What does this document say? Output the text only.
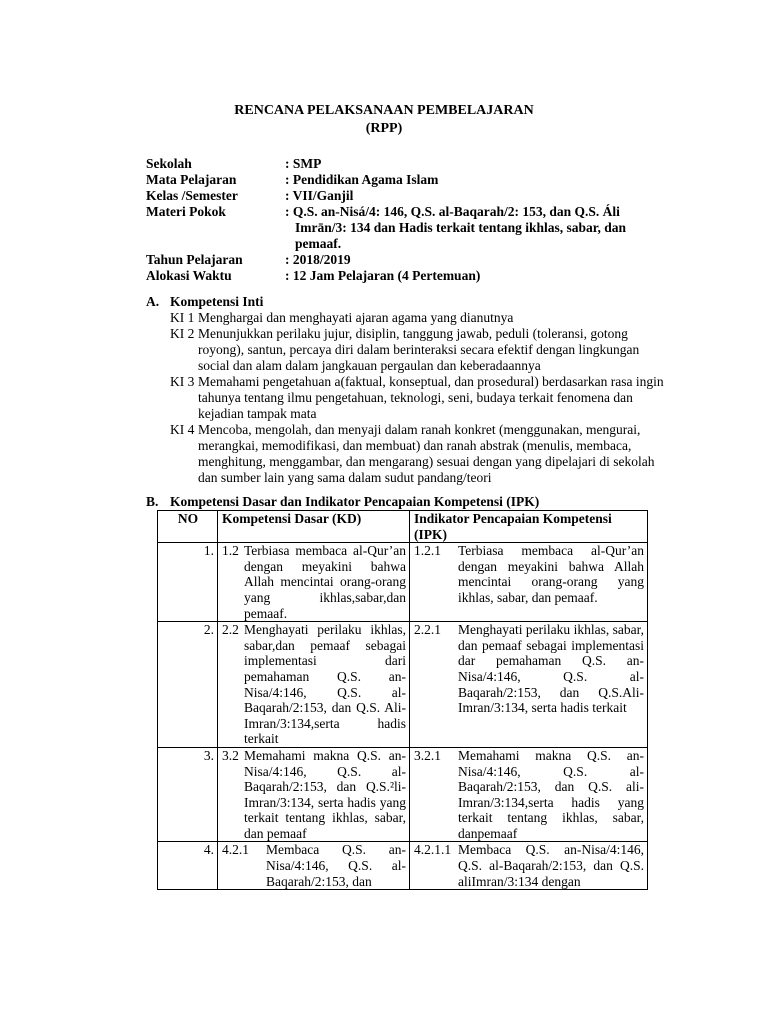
RENCANA PELAKSANAAN PEMBELAJARAN
(RPP)
Sekolah	: SMP
Mata Pelajaran	: Pendidikan Agama Islam
Kelas /Semester	: VII/Ganjil
Materi Pokok	: Q.S. an-Nisá/4: 146, Q.S. al-Baqarah/2: 153, dan Q.S. Áli Imrān/3: 134 dan Hadis terkait tentang ikhlas, sabar, dan pemaaf.
Tahun Pelajaran	: 2018/2019
Alokasi Waktu	: 12 Jam Pelajaran (4 Pertemuan)
A. Kompetensi Inti
KI 1 Menghargai dan menghayati ajaran agama yang dianutnya
KI 2 Menunjukkan perilaku jujur, disiplin, tanggung jawab, peduli (toleransi, gotong royong), santun, percaya diri dalam berinteraksi secara efektif dengan lingkungan social dan alam dalam jangkauan pergaulan dan keberadaannya
KI 3 Memahami pengetahuan a(faktual, konseptual, dan prosedural) berdasarkan rasa ingin tahunya tentang ilmu pengetahuan, teknologi, seni, budaya terkait fenomena dan kejadian tampak mata
KI 4 Mencoba, mengolah, dan menyaji dalam ranah konkret (menggunakan, mengurai, merangkai, memodifikasi, dan membuat) dan ranah abstrak (menulis, membaca, menghitung, menggambar, dan mengarang) sesuai dengan yang dipelajari di sekolah dan sumber lain yang sama dalam sudut pandang/teori
B. Kompetensi Dasar dan Indikator Pencapaian Kompetensi (IPK)
NO	Kompetensi Dasar (KD)	Indikator Pencapaian Kompetensi (IPK)
1.	1.2 Terbiasa membaca al-Qur’an dengan meyakini bahwa Allah mencintai orang-orang yang ikhlas,sabar,dan pemaaf.	1.2.1 Terbiasa membaca al-Qur’an dengan meyakini bahwa Allah mencintai orang-orang yang ikhlas, sabar, dan pemaaf.

2.	2.2 Menghayati perilaku ikhlas, sabar,dan pemaaf sebagai implementasi dari pemahaman Q.S. an-Nisa/4:146, Q.S. al-Baqarah/2:153, dan Q.S. Ali-Imran/3:134,serta hadis terkait	2.2.1 Menghayati perilaku ikhlas, sabar, dan pemaaf sebagai implementasi dar pemahaman Q.S. an-Nisa/4:146, Q.S. al-Baqarah/2:153, dan Q.S.Ali-Imran/3:134, serta hadis terkait

3.	3.2 Memahami makna Q.S. an-Nisa/4:146, Q.S. al-Baqarah/2:153, dan Q.S.²li-Imran/3:134, serta hadis yang terkait tentang ikhlas, sabar, dan pemaaf	3.2.1 Memahami makna Q.S. an-Nisa/4:146, Q.S. al-Baqarah/2:153, dan Q.S. ali-Imran/3:134,serta hadis yang terkait tentang ikhlas, sabar, danpemaaf

4.	4.2.1 Membaca Q.S. an-Nisa/4:146, Q.S. al-Baqarah/2:153, dan	4.2.1.1 Membaca Q.S. an-Nisa/4:146, Q.S. al-Baqarah/2:153, dan Q.S. aliImran/3:134 dengan
